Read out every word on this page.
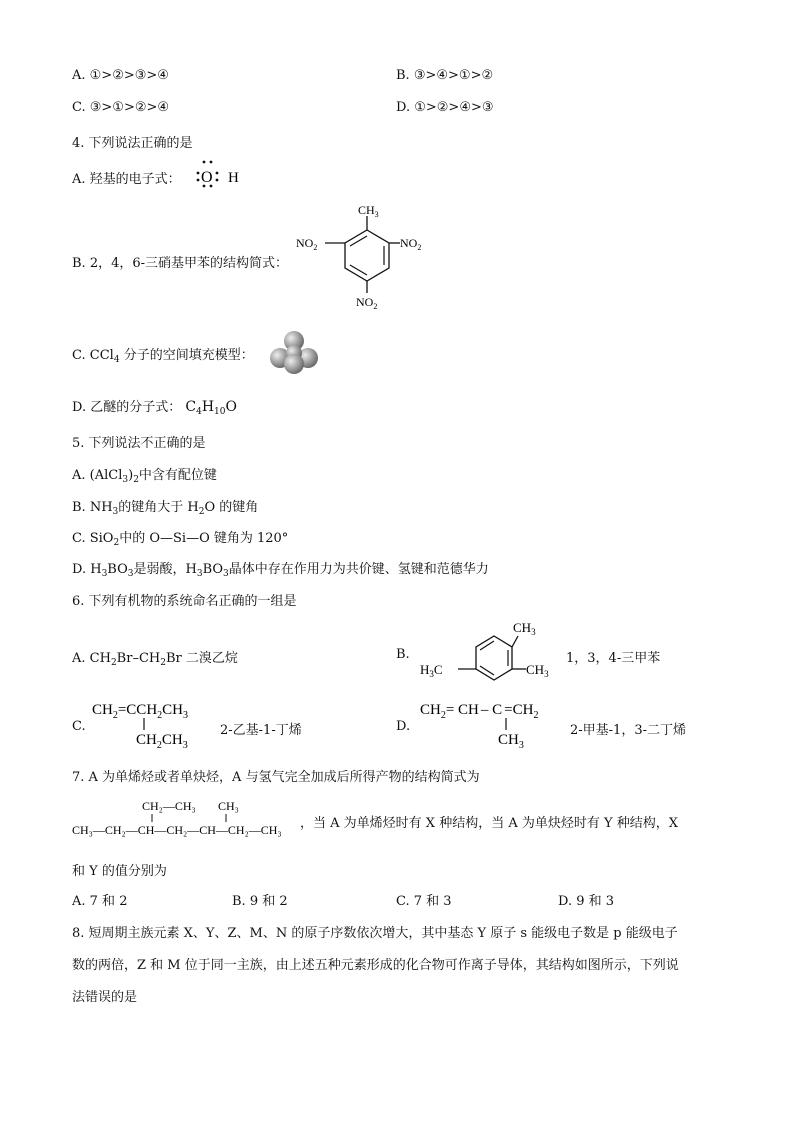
A. ①>②>③>④	B. ③>④>①>②
C. ③>①>②>④	D. ①>②>④>③
4. 下列说法正确的是
A. 羟基的电子式： O H
B. 2，4，6-三硝基甲苯的结构简式：
$CH_3$
$NO_2$
$NO_2$
$NO_2$
C. CCl$_4$ 分子的空间填充模型：
D. 乙醚的分子式： $C_4H_{10}O$
5. 下列说法不正确的是
A. $(AlCl_3)_2$中含有配位键
B. $NH_3$的键角大于 $H_2O$ 的键角
C. SiO$_2$中的 O—Si—O 键角为 120°
D. $H_3BO_3$是弱酸，$H_3BO_3$晶体中存在作用力为共价键、氢键和范德华力
6. 下列有机物的系统命名正确的一组是
A. $CH_2Br-CH_2Br$ 二溴乙烷	B.
$CH_3$
$CH_3$
$H_3C$
1，3，4-三甲苯
C.
$CH_2=CCH_2CH_3$
$CH_2CH_3$
2-乙基-1-丁烯	D.
$CH_2=$ CH – $C =CH_2$
$CH_3$
2-甲基-1，3-二丁烯
7. A 为单烯烃或者单炔烃，A 与氢气完全加成后所得产物的结构简式为
CH₂—CH₃ CH₃
CH₃—CH₂—CH—CH₂—CH—CH₂—CH₃ ，当 A 为单烯烃时有 X 种结构，当 A 为单炔烃时有 Y 种结构，X
和 Y 的值分别为
A. 7 和 2	B. 9 和 2	C. 7 和 3	D. 9 和 3
8. 短周期主族元素 X、Y、Z、M、N 的原子序数依次增大，其中基态 Y 原子 s 能级电子数是 p 能级电子
数的两倍，Z 和 M 位于同一主族，由上述五种元素形成的化合物可作离子导体，其结构如图所示，下列说
法错误的是
